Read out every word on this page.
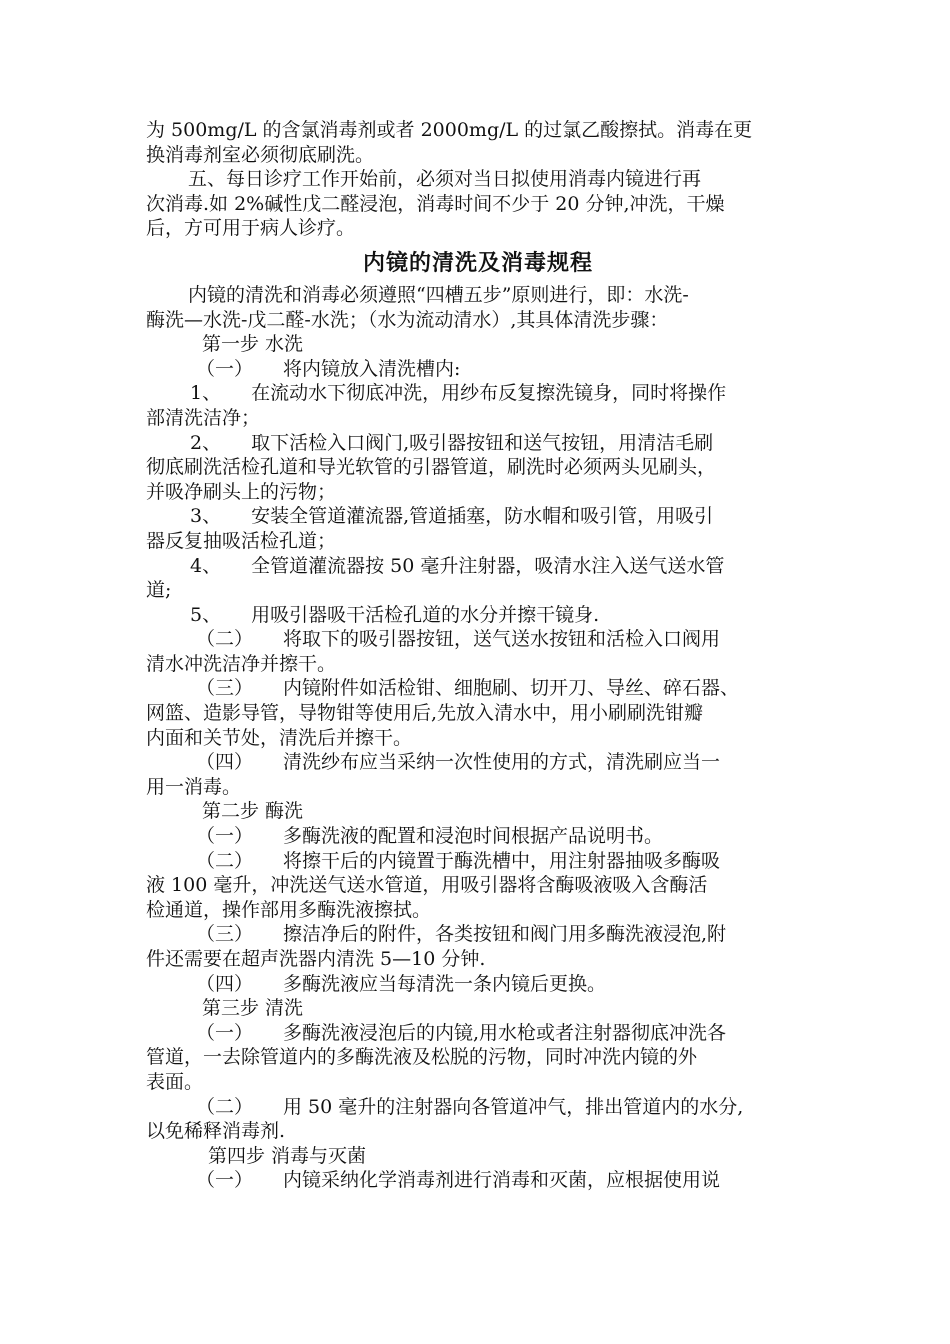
为 500mg/L 的含氯消毒剂或者 2000mg/L 的过氯乙酸擦拭。消毒在更
换消毒剂室必须彻底刷洗。
五、每日诊疗工作开始前，必须对当日拟使用消毒内镜进行再
次消毒.如 2%碱性戊二醛浸泡，消毒时间不少于 20 分钟,冲洗，干燥
后，方可用于病人诊疗。
内镜的清洗及消毒规程
内镜的清洗和消毒必须遵照“四槽五步”原则进行，即：水洗-
酶洗—水洗-戊二醛-水洗；（水为流动清水）,其具体清洗步骤：
第一步 水洗
（一） 将内镜放入清洗槽内:
1、 在流动水下彻底冲洗，用纱布反复擦洗镜身，同时将操作
部清洗洁净；
2、 取下活检入口阀门,吸引器按钮和送气按钮，用清洁毛刷
彻底刷洗活检孔道和导光软管的引器管道，刷洗时必须两头见刷头，
并吸净刷头上的污物；
3、 安装全管道灌流器,管道插塞，防水帽和吸引管，用吸引
器反复抽吸活检孔道；
4、 全管道灌流器按 50 毫升注射器，吸清水注入送气送水管
道;
5、 用吸引器吸干活检孔道的水分并擦干镜身.
（二） 将取下的吸引器按钮，送气送水按钮和活检入口阀用
清水冲洗洁净并擦干。
（三） 内镜附件如活检钳、细胞刷、切开刀、导丝、碎石器、
网篮、造影导管，导物钳等使用后,先放入清水中，用小刷刷洗钳瓣
内面和关节处，清洗后并擦干。
（四） 清洗纱布应当采纳一次性使用的方式，清洗刷应当一
用一消毒。
第二步 酶洗
（一） 多酶洗液的配置和浸泡时间根据产品说明书。
（二） 将擦干后的内镜置于酶洗槽中，用注射器抽吸多酶吸
液 100 毫升，冲洗送气送水管道，用吸引器将含酶吸液吸入含酶活
检通道，操作部用多酶洗液擦拭。
（三） 擦洁净后的附件，各类按钮和阀门用多酶洗液浸泡,附
件还需要在超声洗器内清洗 5—10 分钟.
（四） 多酶洗液应当每清洗一条内镜后更换。
第三步 清洗
（一） 多酶洗液浸泡后的内镜,用水枪或者注射器彻底冲洗各
管道，一去除管道内的多酶洗液及松脱的污物，同时冲洗内镜的外
表面。
（二） 用 50 毫升的注射器向各管道冲气，排出管道内的水分,
以免稀释消毒剂.
第四步 消毒与灭菌
（一） 内镜采纳化学消毒剂进行消毒和灭菌，应根据使用说
